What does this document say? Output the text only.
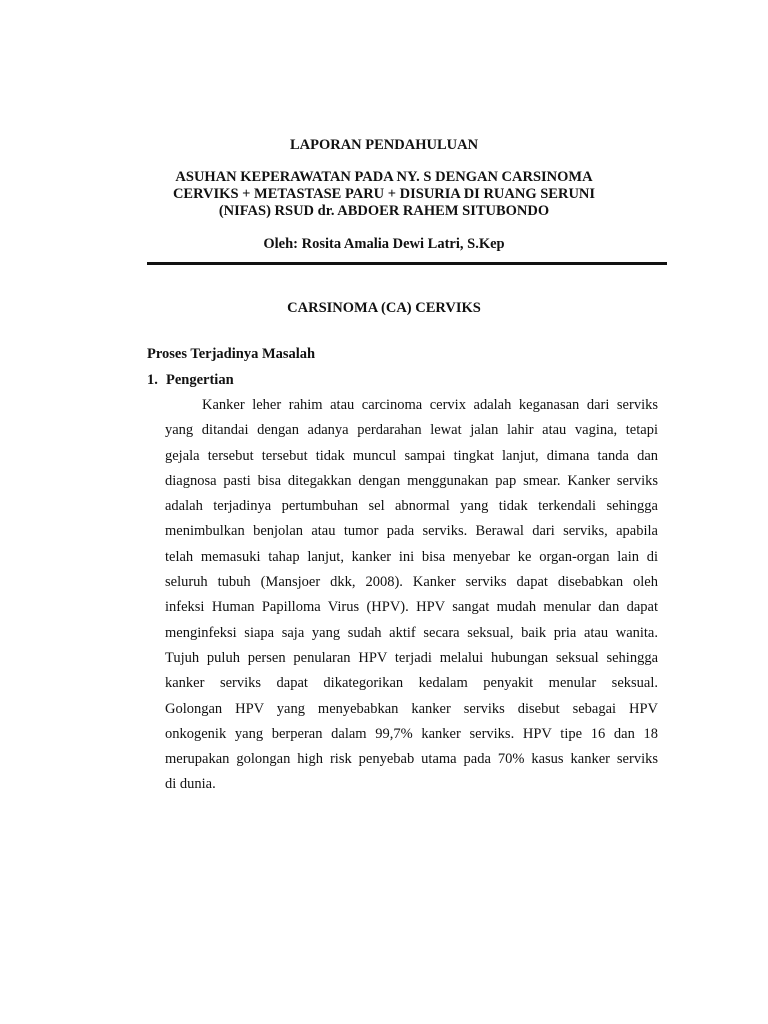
LAPORAN PENDAHULUAN
ASUHAN KEPERAWATAN PADA NY. S DENGAN CARSINOMA
CERVIKS + METASTASE PARU + DISURIA DI RUANG SERUNI
(NIFAS) RSUD dr. ABDOER RAHEM SITUBONDO
Oleh: Rosita Amalia Dewi Latri, S.Kep
CARSINOMA (CA) CERVIKS
Proses Terjadinya Masalah
1. Pengertian
Kanker leher rahim atau carcinoma cervix adalah keganasan dari serviks
yang ditandai dengan adanya perdarahan lewat jalan lahir atau vagina, tetapi
gejala tersebut tersebut tidak muncul sampai tingkat lanjut, dimana tanda dan
diagnosa pasti bisa ditegakkan dengan menggunakan pap smear. Kanker serviks
adalah terjadinya pertumbuhan sel abnormal yang tidak terkendali sehingga
menimbulkan benjolan atau tumor pada serviks. Berawal dari serviks, apabila
telah memasuki tahap lanjut, kanker ini bisa menyebar ke organ-organ lain di
seluruh tubuh (Mansjoer dkk, 2008). Kanker serviks dapat disebabkan oleh
infeksi Human Papilloma Virus (HPV). HPV sangat mudah menular dan dapat
menginfeksi siapa saja yang sudah aktif secara seksual, baik pria atau wanita.
Tujuh puluh persen penularan HPV terjadi melalui hubungan seksual sehingga
kanker serviks dapat dikategorikan kedalam penyakit menular seksual.
Golongan HPV yang menyebabkan kanker serviks disebut sebagai HPV
onkogenik yang berperan dalam 99,7% kanker serviks. HPV tipe 16 dan 18
merupakan golongan high risk penyebab utama pada 70% kasus kanker serviks
di dunia.
